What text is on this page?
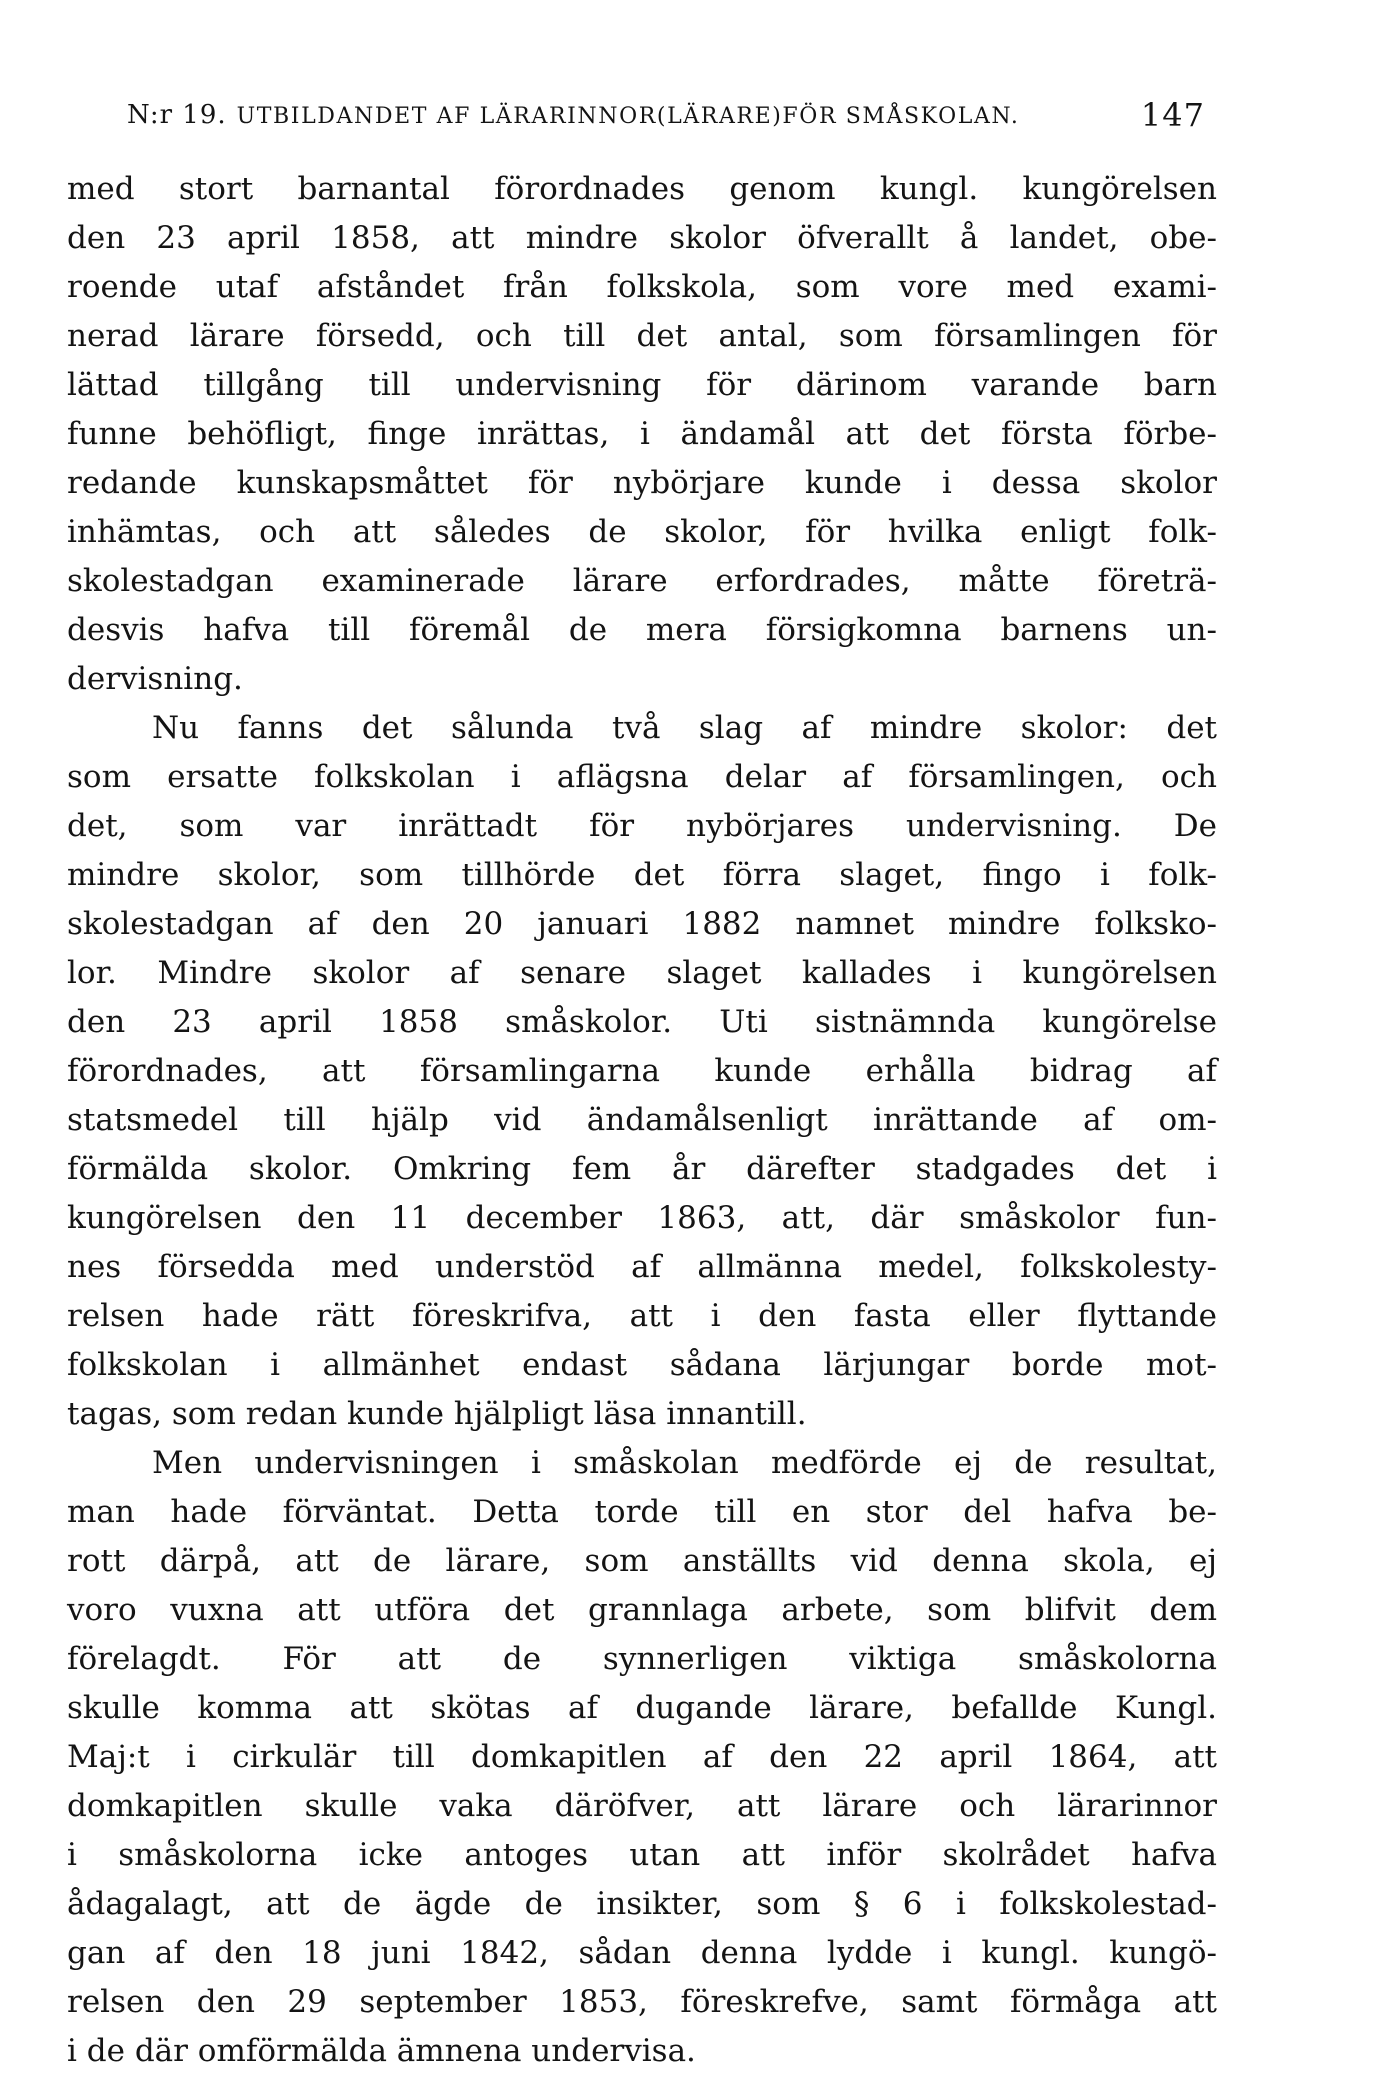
N:r 19. UTBILDANDET AF LÄRARINNOR(LÄRARE)FÖR SMÅSKOLAN.	147
med stort barnantal förordnades genom kungl. kungörelsen
den 23 april 1858, att mindre skolor öfverallt å landet, obe-
roende utaf afståndet från folkskola, som vore med exami-
nerad lärare försedd, och till det antal, som församlingen för
lättad tillgång till undervisning för därinom varande barn
funne behöfligt, finge inrättas, i ändamål att det första förbe-
redande kunskapsmåttet för nybörjare kunde i dessa skolor
inhämtas, och att således de skolor, för hvilka enligt folk-
skolestadgan examinerade lärare erfordrades, måtte företrä-
desvis hafva till föremål de mera försigkomna barnens un-
dervisning.
Nu fanns det sålunda två slag af mindre skolor: det
som ersatte folkskolan i aflägsna delar af församlingen, och
det, som var inrättadt för nybörjares undervisning. De
mindre skolor, som tillhörde det förra slaget, fingo i folk-
skolestadgan af den 20 januari 1882 namnet mindre folksko-
lor. Mindre skolor af senare slaget kallades i kungörelsen
den 23 april 1858 småskolor. Uti sistnämnda kungörelse
förordnades, att församlingarna kunde erhålla bidrag af
statsmedel till hjälp vid ändamålsenligt inrättande af om-
förmälda skolor. Omkring fem år därefter stadgades det i
kungörelsen den 11 december 1863, att, där småskolor fun-
nes försedda med understöd af allmänna medel, folkskolesty-
relsen hade rätt föreskrifva, att i den fasta eller flyttande
folkskolan i allmänhet endast sådana lärjungar borde mot-
tagas, som redan kunde hjälpligt läsa innantill.
Men undervisningen i småskolan medförde ej de resultat,
man hade förväntat. Detta torde till en stor del hafva be-
rott därpå, att de lärare, som anställts vid denna skola, ej
voro vuxna att utföra det grannlaga arbete, som blifvit dem
förelagdt. För att de synnerligen viktiga småskolorna
skulle komma att skötas af dugande lärare, befallde Kungl.
Maj:t i cirkulär till domkapitlen af den 22 april 1864, att
domkapitlen skulle vaka däröfver, att lärare och lärarinnor
i småskolorna icke antoges utan att inför skolrådet hafva
ådagalagt, att de ägde de insikter, som § 6 i folkskolestad-
gan af den 18 juni 1842, sådan denna lydde i kungl. kungö-
relsen den 29 september 1853, föreskrefve, samt förmåga att
i de där omförmälda ämnena undervisa.
